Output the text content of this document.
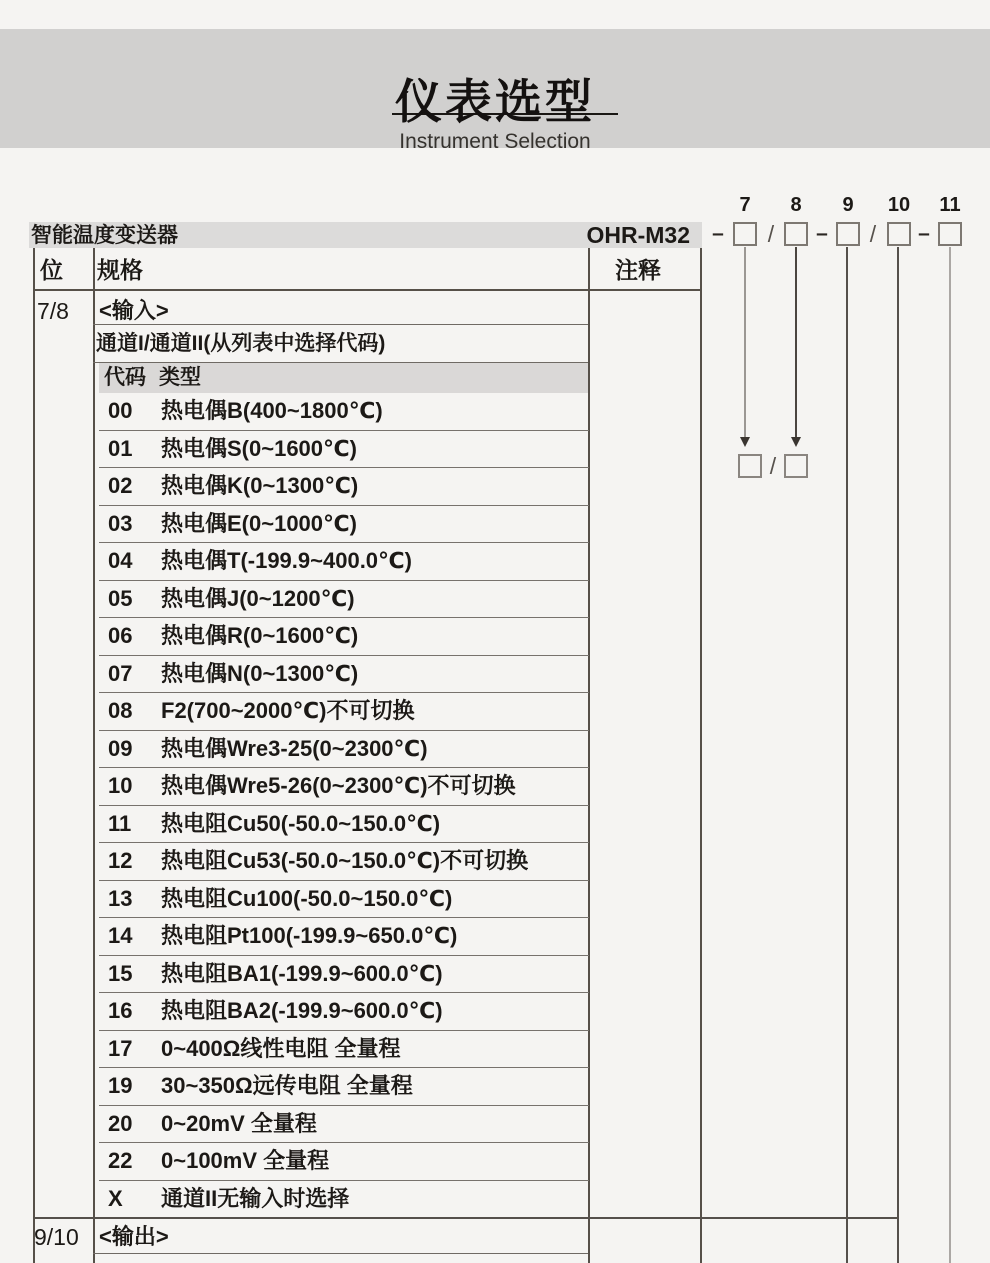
仪表选型
Instrument Selection
智能温度变送器	OHR-M32
7	8	9	10	11
–	/	–	/	–
/
位 规格	注释
7/8 <输入>
通道I/通道II(从列表中选择代码)
代码 类型
00 热电偶B(400~1800℃)
01 热电偶S(0~1600℃)
02 热电偶K(0~1300℃)
03 热电偶E(0~1000℃)
04 热电偶T(-199.9~400.0℃)
05 热电偶J(0~1200℃)
06 热电偶R(0~1600℃)
07 热电偶N(0~1300℃)
08 F2(700~2000℃)不可切换
09 热电偶Wre3-25(0~2300℃)
10 热电偶Wre5-26(0~2300℃)不可切换
11 热电阻Cu50(-50.0~150.0℃)
12 热电阻Cu53(-50.0~150.0℃)不可切换
13 热电阻Cu100(-50.0~150.0℃)
14 热电阻Pt100(-199.9~650.0℃)
15 热电阻BA1(-199.9~600.0℃)
16 热电阻BA2(-199.9~600.0℃)
17 0~400Ω线性电阻 全量程
19 30~350Ω远传电阻 全量程
20 0~20mV 全量程
22 0~100mV 全量程
X 通道II无输入时选择
9/10 <输出>
